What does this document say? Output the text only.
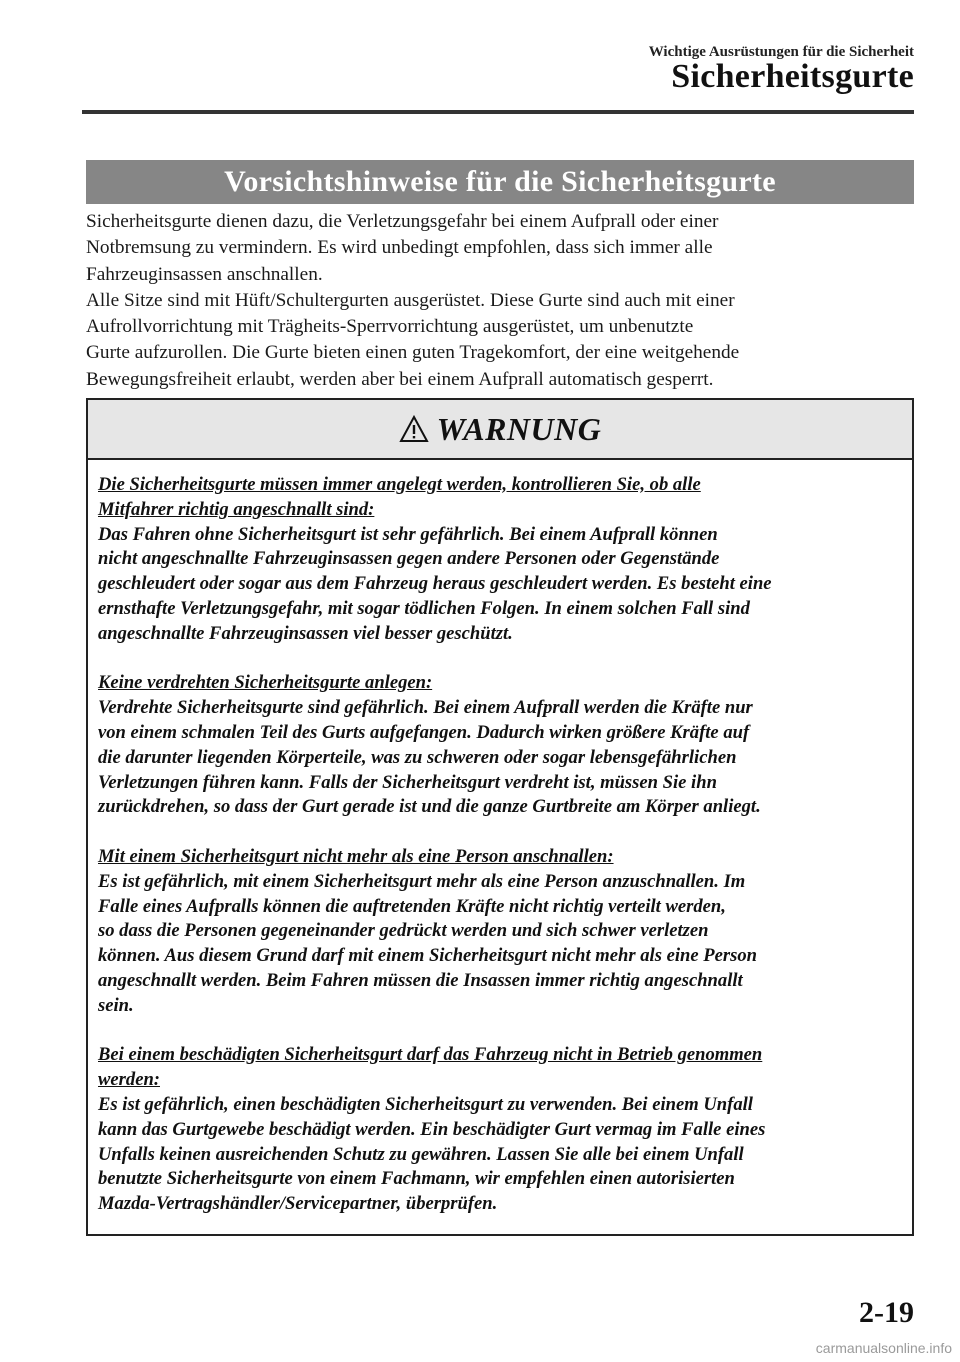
Wichtige Ausrüstungen für die Sicherheit
Sicherheitsgurte
Vorsichtshinweise für die Sicherheitsgurte

Sicherheitsgurte dienen dazu, die Verletzungsgefahr bei einem Aufprall oder einer
Notbremsung zu vermindern. Es wird unbedingt empfohlen, dass sich immer alle
Fahrzeuginsassen anschnallen.

Alle Sitze sind mit Hüft/Schultergurten ausgerüstet. Diese Gurte sind auch mit einer
Aufrollvorrichtung mit Trägheits-Sperrvorrichtung ausgerüstet, um unbenutzte
Gurte aufzurollen. Die Gurte bieten einen guten Tragekomfort, der eine weitgehende
Bewegungsfreiheit erlaubt, werden aber bei einem Aufprall automatisch gesperrt.

WARNUNG
Die Sicherheitsgurte müssen immer angelegt werden, kontrollieren Sie, ob alle
Mitfahrer richtig angeschnallt sind:
Das Fahren ohne Sicherheitsgurt ist sehr gefährlich. Bei einem Aufprall können
nicht angeschnallte Fahrzeuginsassen gegen andere Personen oder Gegenstände
geschleudert oder sogar aus dem Fahrzeug heraus geschleudert werden. Es besteht eine
ernsthafte Verletzungsgefahr, mit sogar tödlichen Folgen. In einem solchen Fall sind
angeschnallte Fahrzeuginsassen viel besser geschützt.
Keine verdrehten Sicherheitsgurte anlegen:
Verdrehte Sicherheitsgurte sind gefährlich. Bei einem Aufprall werden die Kräfte nur
von einem schmalen Teil des Gurts aufgefangen. Dadurch wirken größere Kräfte auf
die darunter liegenden Körperteile, was zu schweren oder sogar lebensgefährlichen
Verletzungen führen kann. Falls der Sicherheitsgurt verdreht ist, müssen Sie ihn
zurückdrehen, so dass der Gurt gerade ist und die ganze Gurtbreite am Körper anliegt.
Mit einem Sicherheitsgurt nicht mehr als eine Person anschnallen:
Es ist gefährlich, mit einem Sicherheitsgurt mehr als eine Person anzuschnallen. Im
Falle eines Aufpralls können die auftretenden Kräfte nicht richtig verteilt werden,
so dass die Personen gegeneinander gedrückt werden und sich schwer verletzen
können. Aus diesem Grund darf mit einem Sicherheitsgurt nicht mehr als eine Person
angeschnallt werden. Beim Fahren müssen die Insassen immer richtig angeschnallt
sein.
Bei einem beschädigten Sicherheitsgurt darf das Fahrzeug nicht in Betrieb genommen
werden:
Es ist gefährlich, einen beschädigten Sicherheitsgurt zu verwenden. Bei einem Unfall
kann das Gurtgewebe beschädigt werden. Ein beschädigter Gurt vermag im Falle eines
Unfalls keinen ausreichenden Schutz zu gewähren. Lassen Sie alle bei einem Unfall
benutzte Sicherheitsgurte von einem Fachmann, wir empfehlen einen autorisierten
Mazda-Vertragshändler/Servicepartner, überprüfen.
2-19
carmanualsonline.info
